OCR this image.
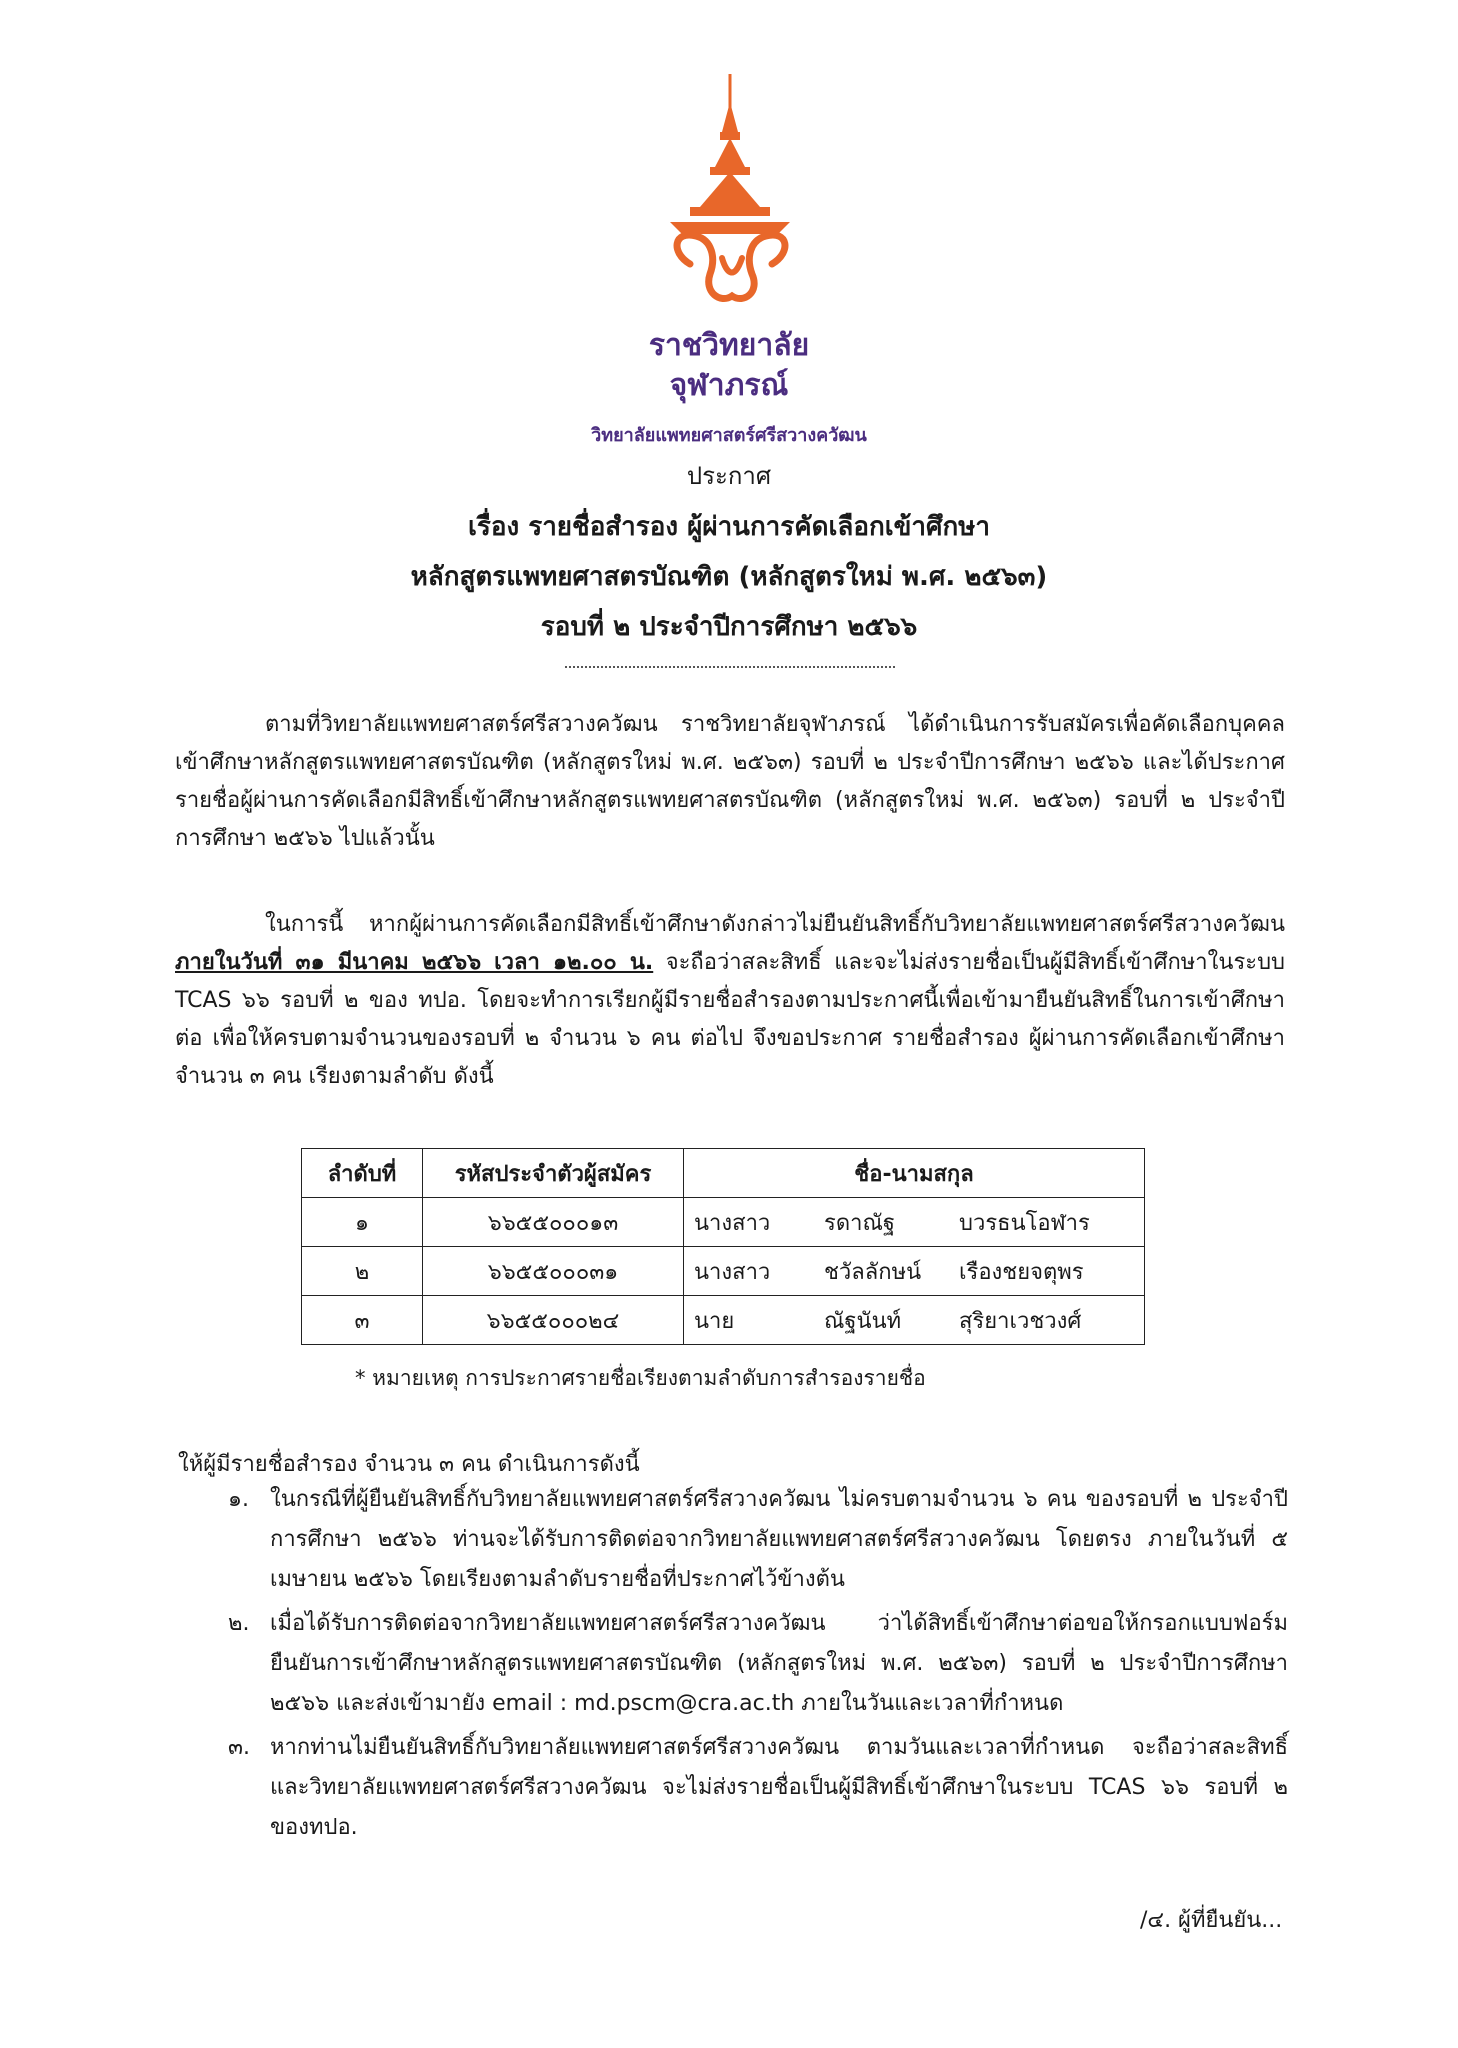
ราชวิทยาลัย
จุฬาภรณ์
วิทยาลัยแพทยศาสตร์ศรีสวางควัฒน
ประกาศ
เรื่อง รายชื่อสำรอง ผู้ผ่านการคัดเลือกเข้าศึกษา
หลักสูตรแพทยศาสตรบัณฑิต (หลักสูตรใหม่ พ.ศ. ๒๕๖๓)
รอบที่ ๒ ประจำปีการศึกษา ๒๕๖๖
ตามที่วิทยาลัยแพทยศาสตร์ศรีสวางควัฒน ราชวิทยาลัยจุฬาภรณ์ ได้ดำเนินการรับสมัครเพื่อคัดเลือกบุคคลเข้าศึกษาหลักสูตรแพทยศาสตรบัณฑิต (หลักสูตรใหม่ พ.ศ. ๒๕๖๓) รอบที่ ๒ ประจำปีการศึกษา ๒๕๖๖ และได้ประกาศรายชื่อผู้ผ่านการคัดเลือกมีสิทธิ์เข้าศึกษาหลักสูตรแพทยศาสตรบัณฑิต (หลักสูตรใหม่ พ.ศ. ๒๕๖๓) รอบที่ ๒ ประจำปีการศึกษา ๒๕๖๖ ไปแล้วนั้น
ในการนี้ หากผู้ผ่านการคัดเลือกมีสิทธิ์เข้าศึกษาดังกล่าวไม่ยืนยันสิทธิ์กับวิทยาลัยแพทยศาสตร์ศรีสวางควัฒน ภายในวันที่ ๓๑ มีนาคม ๒๕๖๖ เวลา ๑๒.๐๐ น. จะถือว่าสละสิทธิ์ และจะไม่ส่งรายชื่อเป็นผู้มีสิทธิ์เข้าศึกษาในระบบ TCAS ๖๖ รอบที่ ๒ ของ ทปอ. โดยจะทำการเรียกผู้มีรายชื่อสำรองตามประกาศนี้เพื่อเข้ามายืนยันสิทธิ์ในการเข้าศึกษาต่อ เพื่อให้ครบตามจำนวนของรอบที่ ๒ จำนวน ๖ คน ต่อไป จึงขอประกาศ รายชื่อสำรอง ผู้ผ่านการคัดเลือกเข้าศึกษา จำนวน ๓ คน เรียงตามลำดับ ดังนี้
ลำดับที่	รหัสประจำตัวผู้สมัคร	ชื่อ-นามสกุล
๑	๖๖๕๕๐๐๐๑๓	นางสาว รดาณัฐ บวรธนโอฬาร

๒	๖๖๕๕๐๐๐๓๑	นางสาว ชวัลลักษน์ เรืองชยจตุพร

๓	๖๖๕๕๐๐๐๒๔	นาย ณัฐนันท์ สุริยาเวชวงศ์
* หมายเหตุ การประกาศรายชื่อเรียงตามลำดับการสำรองรายชื่อ
ให้ผู้มีรายชื่อสำรอง จำนวน ๓ คน ดำเนินการดังนี้
๑. ในกรณีที่ผู้ยืนยันสิทธิ์กับวิทยาลัยแพทยศาสตร์ศรีสวางควัฒน ไม่ครบตามจำนวน ๖ คน ของรอบที่ ๒ ประจำปีการศึกษา ๒๕๖๖ ท่านจะได้รับการติดต่อจากวิทยาลัยแพทยศาสตร์ศรีสวางควัฒน โดยตรง ภายในวันที่ ๕ เมษายน ๒๕๖๖ โดยเรียงตามลำดับรายชื่อที่ประกาศไว้ข้างต้น
๒. เมื่อได้รับการติดต่อจากวิทยาลัยแพทยศาสตร์ศรีสวางควัฒน ว่าได้สิทธิ์เข้าศึกษาต่อขอให้กรอกแบบฟอร์มยืนยันการเข้าศึกษาหลักสูตรแพทยศาสตรบัณฑิต (หลักสูตรใหม่ พ.ศ. ๒๕๖๓) รอบที่ ๒ ประจำปีการศึกษา ๒๕๖๖ และส่งเข้ามายัง email : md.pscm@cra.ac.th ภายในวันและเวลาที่กำหนด
๓. หากท่านไม่ยืนยันสิทธิ์กับวิทยาลัยแพทยศาสตร์ศรีสวางควัฒน ตามวันและเวลาที่กำหนด จะถือว่าสละสิทธิ์ และวิทยาลัยแพทยศาสตร์ศรีสวางควัฒน จะไม่ส่งรายชื่อเป็นผู้มีสิทธิ์เข้าศึกษาในระบบ TCAS ๖๖ รอบที่ ๒ ของทปอ.
/๔. ผู้ที่ยืนยัน...
